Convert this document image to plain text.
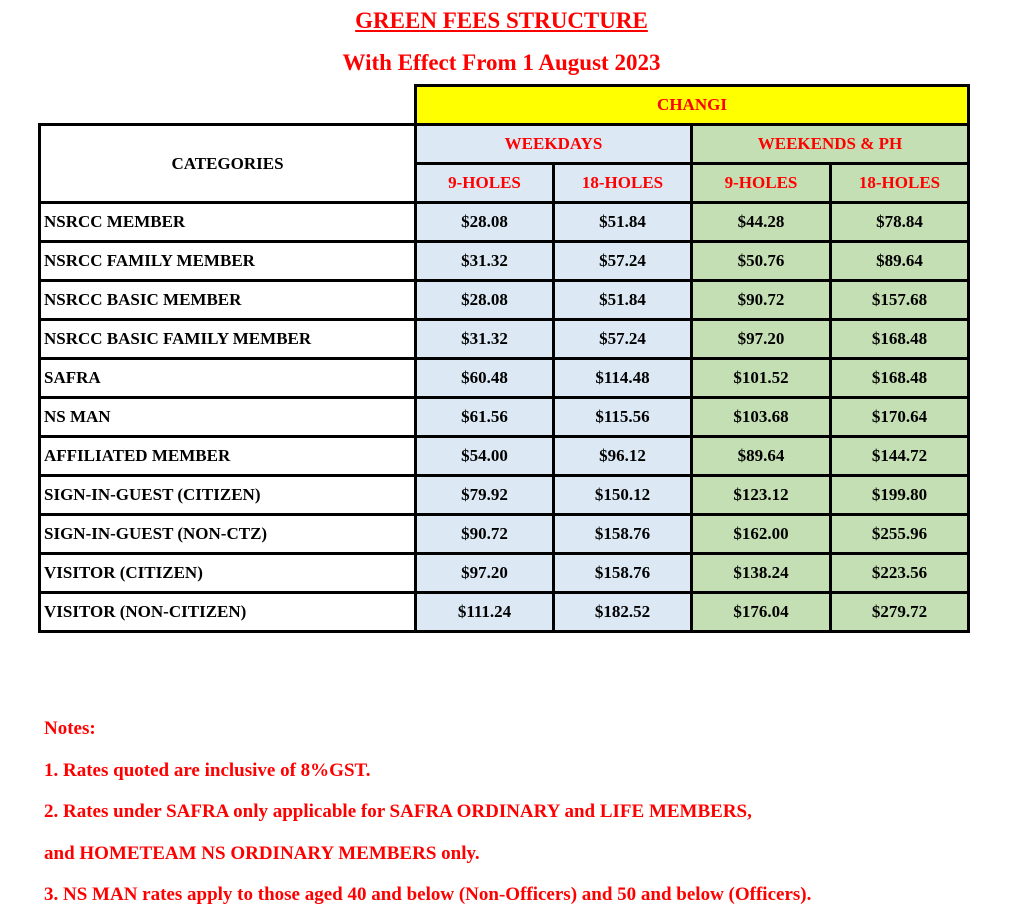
GREEN FEES STRUCTURE
With Effect From 1 August 2023
	CHANGI			
CATEGORIES	WEEKDAYS		WEEKENDS & PH	
	9-HOLES	18-HOLES	9-HOLES	18-HOLES
NSRCC MEMBER	$28.08	$51.84	$44.28	$78.84
NSRCC FAMILY MEMBER	$31.32	$57.24	$50.76	$89.64
NSRCC BASIC MEMBER	$28.08	$51.84	$90.72	$157.68
NSRCC BASIC FAMILY MEMBER	$31.32	$57.24	$97.20	$168.48
SAFRA	$60.48	$114.48	$101.52	$168.48
NS MAN	$61.56	$115.56	$103.68	$170.64
AFFILIATED MEMBER	$54.00	$96.12	$89.64	$144.72
SIGN-IN-GUEST (CITIZEN)	$79.92	$150.12	$123.12	$199.80
SIGN-IN-GUEST (NON-CTZ)	$90.72	$158.76	$162.00	$255.96
VISITOR (CITIZEN)	$97.20	$158.76	$138.24	$223.56
VISITOR (NON-CITIZEN)	$111.24	$182.52	$176.04	$279.72
Notes:
1. Rates quoted are inclusive of 8%GST.
2. Rates under SAFRA only applicable for SAFRA ORDINARY and LIFE MEMBERS,
and HOMETEAM NS ORDINARY MEMBERS only.
3. NS MAN rates apply to those aged 40 and below (Non-Officers) and 50 and below (Officers).
